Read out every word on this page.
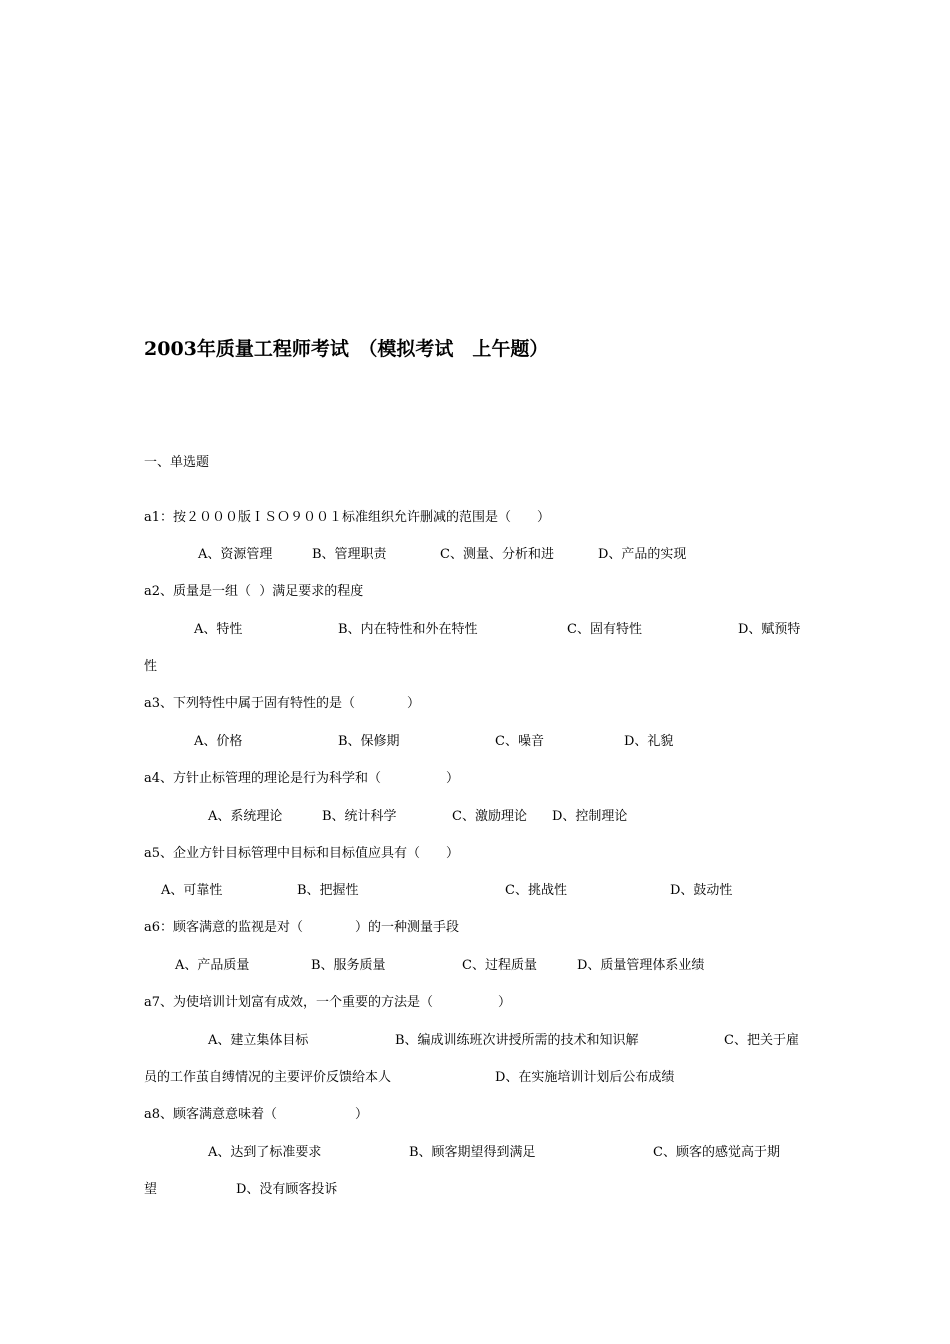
2003年质量工程师考试　（模拟考试　上午题）
一、单选题
a1：按２０００版ＩＳＯ９００１标准组织允许删减的范围是（　　）
A、资源管理	B、管理职责	C、测量、分析和进	D、产品的实现
a2、质量是一组（  ）满足要求的程度
A、特性	B、内在特性和外在特性	C、固有特性	D、赋预特
性
a3、下列特性中属于固有特性的是（　　　　）
A、价格	B、保修期	C、噪音	D、礼貌
a4、方针止标管理的理论是行为科学和（　　　　　）
A、系统理论	B、统计科学	C、激励理论 D、控制理论
a5、企业方针目标管理中目标和目标值应具有（　　）
A、可靠性	B、把握性	C、挑战性	D、鼓动性
a6：顾客满意的监视是对（　　　　）的一种测量手段
A、产品质量	B、服务质量	C、过程质量	D、质量管理体系业绩
a7、为使培训计划富有成效，一个重要的方法是（　　　　　）
A、建立集体目标	B、编成训练班次讲授所需的技术和知识解	C、把关于雇
员的工作茧自缚情况的主要评价反馈给本人	D、在实施培训计划后公布成绩
a8、顾客满意意味着（　　　　　　）
A、达到了标准要求	B、顾客期望得到满足	C、顾客的感觉高于期
望	D、没有顾客投诉
